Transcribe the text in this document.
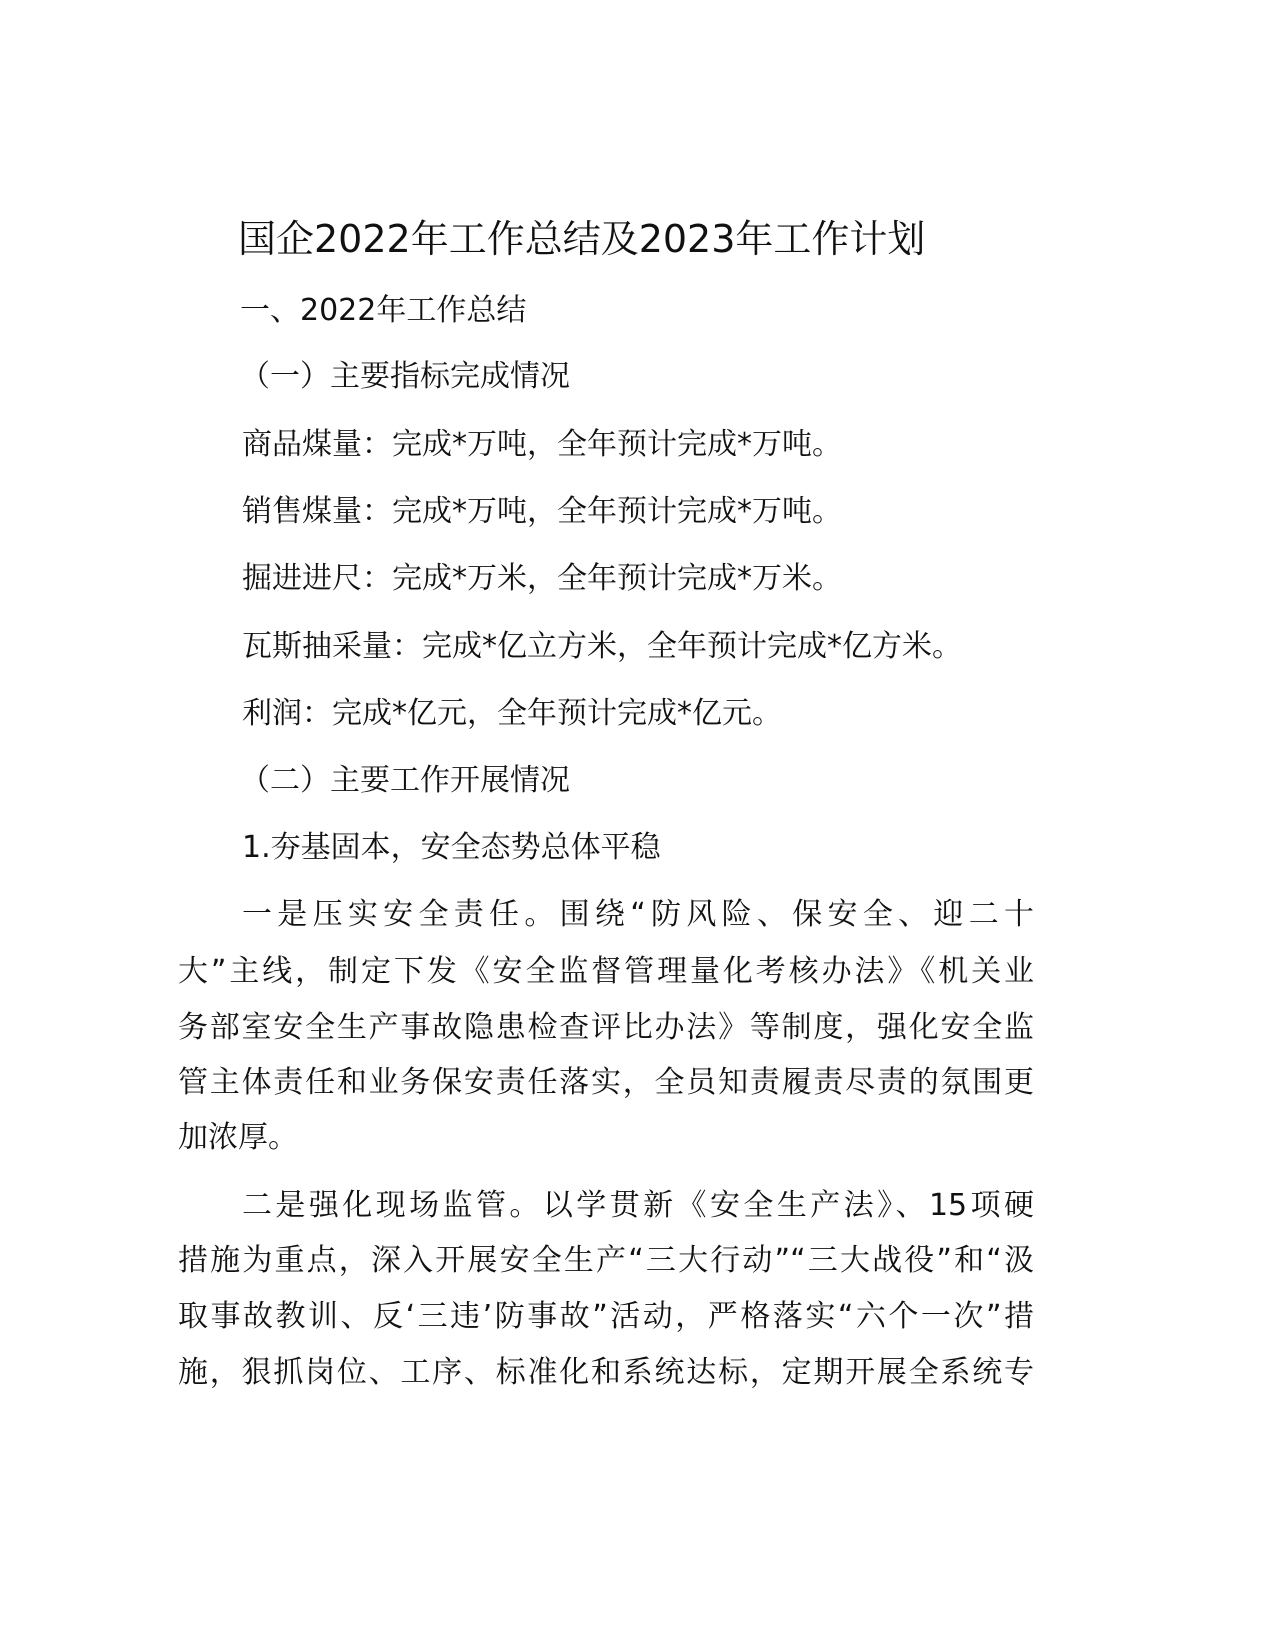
国企2022年工作总结及2023年工作计划
一、2022年工作总结
（一）主要指标完成情况
商品煤量：完成*万吨，全年预计完成*万吨。
销售煤量：完成*万吨，全年预计完成*万吨。
掘进进尺：完成*万米，全年预计完成*万米。
瓦斯抽采量：完成*亿立方米，全年预计完成*亿方米。
利润：完成*亿元，全年预计完成*亿元。
（二）主要工作开展情况
1.夯基固本，安全态势总体平稳
一是压实安全责任。围绕“防风险、保安全、迎二十
大”主线，制定下发《安全监督管理量化考核办法》《机关业
务部室安全生产事故隐患检查评比办法》等制度，强化安全监
管主体责任和业务保安责任落实，全员知责履责尽责的氛围更
加浓厚。
二是强化现场监管。以学贯新《安全生产法》、15项硬
措施为重点，深入开展安全生产“三大行动”“三大战役”和“汲
取事故教训、反‘三违’防事故”活动，严格落实“六个一次”措
施，狠抓岗位、工序、标准化和系统达标，定期开展全系统专
